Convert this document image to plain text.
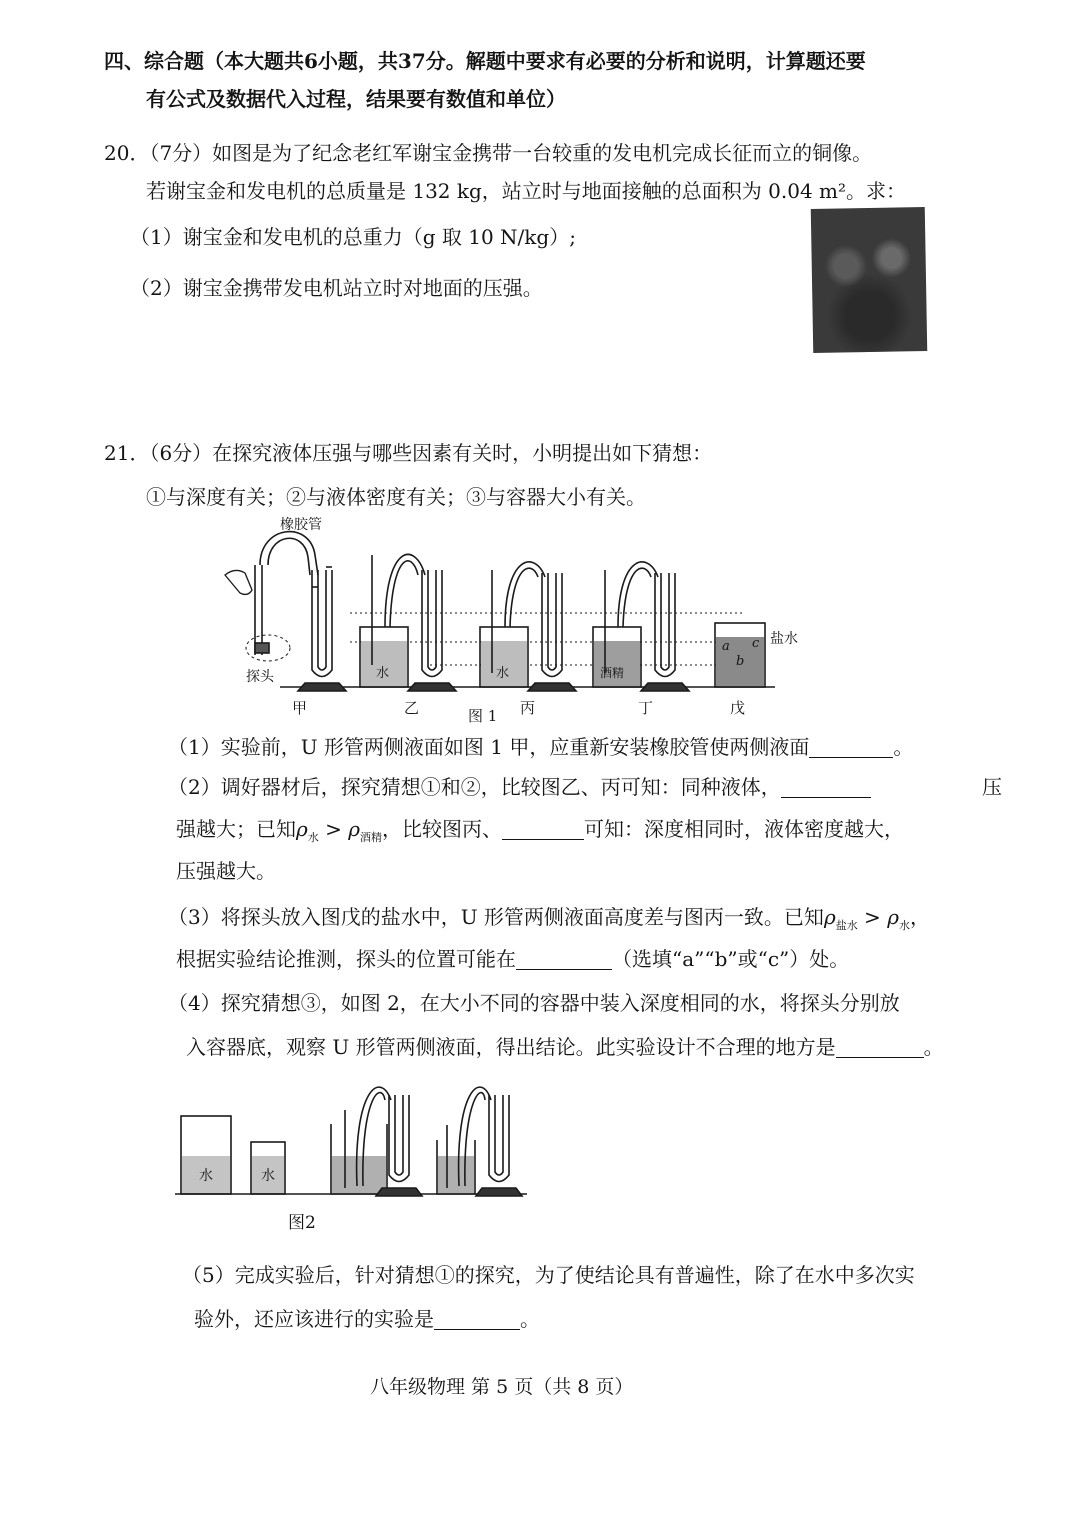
四、综合题（本大题共6小题，共37分。解题中要求有必要的分析和说明，计算题还要
有公式及数据代入过程，结果要有数值和单位）
20．（7分）如图是为了纪念老红军谢宝金携带一台较重的发电机完成长征而立的铜像。
若谢宝金和发电机的总质量是 132 kg，站立时与地面接触的总面积为 0.04 m²。求：
（1）谢宝金和发电机的总重力（g 取 10 N/kg）;
（2）谢宝金携带发电机站立时对地面的压强。
21．（6分）在探究液体压强与哪些因素有关时，小明提出如下猜想：
①与深度有关；②与液体密度有关；③与容器大小有关。
橡胶管
探头	水	水	酒精
盐水
a
b
c
甲	乙	图 1 丙	丁	戊
（1）实验前，U 形管两侧液面如图 1 甲，应重新安装橡胶管使两侧液面	。
（2）调好器材后，探究猜想①和②，比较图乙、丙可知：同种液体，	压
强越大；已知$\rho_水 > \rho_{酒精}$，比较图丙、	可知：深度相同时，液体密度越大，
压强越大。
（3）将探头放入图戊的盐水中，U 形管两侧液面高度差与图丙一致。已知$\rho_{盐水} > \rho_水$，
根据实验结论推测，探头的位置可能在	（选填“a”“b”或“c”）处。
（4）探究猜想③，如图 2，在大小不同的容器中装入深度相同的水，将探头分别放
入容器底，观察 U 形管两侧液面，得出结论。此实验设计不合理的地方是	。
水	水
图2
（5）完成实验后，针对猜想①的探究，为了使结论具有普遍性，除了在水中多次实
验外，还应该进行的实验是	。
八年级物理 第 5 页（共 8 页）
